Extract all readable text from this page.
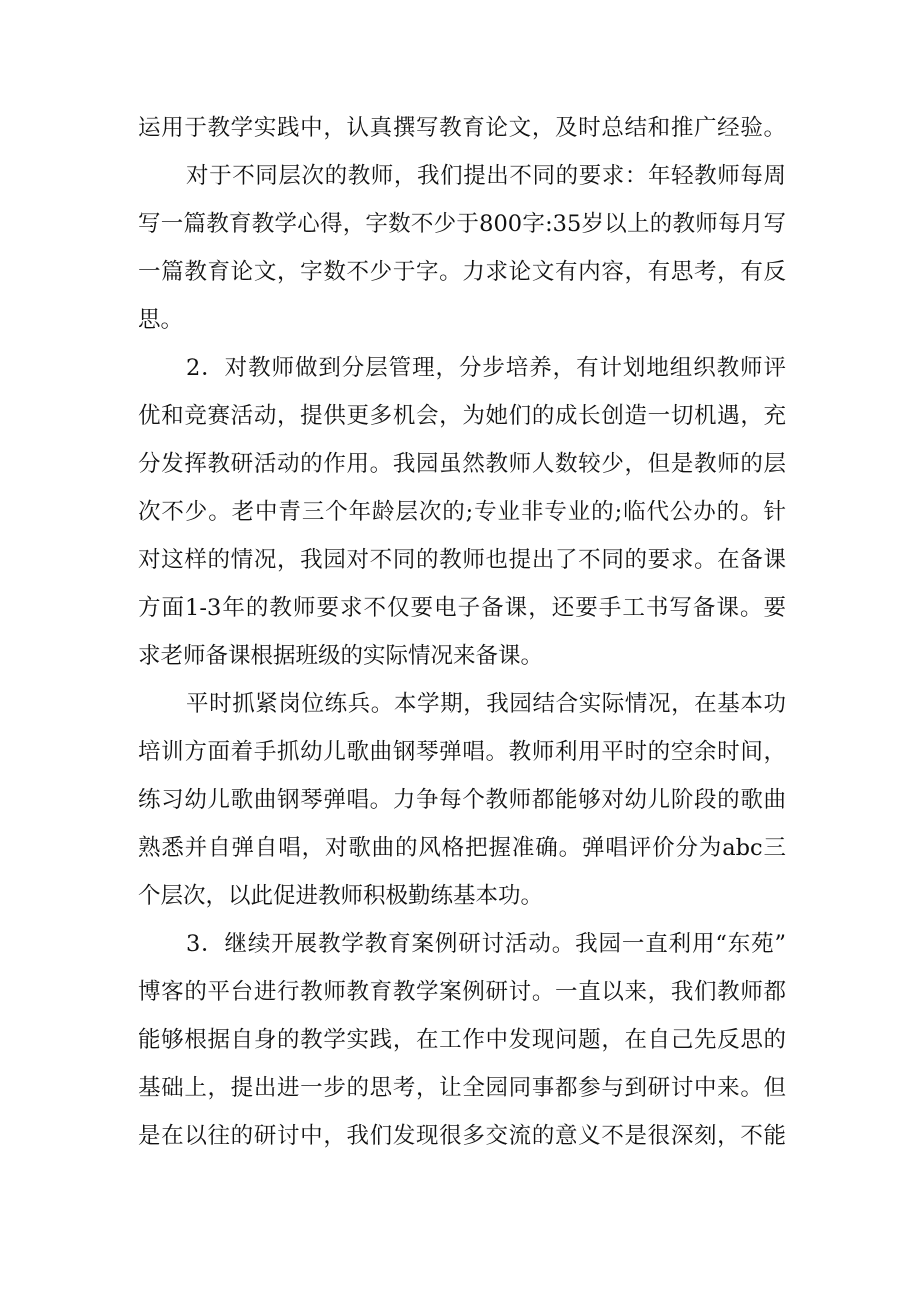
运用于教学实践中，认真撰写教育论文，及时总结和推广经验。
对于不同层次的教师，我们提出不同的要求：年轻教师每周
写一篇教育教学心得，字数不少于800字:35岁以上的教师每月写
一篇教育论文，字数不少于字。力求论文有内容，有思考，有反
思。
2．对教师做到分层管理，分步培养，有计划地组织教师评
优和竞赛活动，提供更多机会，为她们的成长创造一切机遇，充
分发挥教研活动的作用。我园虽然教师人数较少，但是教师的层
次不少。老中青三个年龄层次的;专业非专业的;临代公办的。针
对这样的情况，我园对不同的教师也提出了不同的要求。在备课
方面1-3年的教师要求不仅要电子备课，还要手工书写备课。要
求老师备课根据班级的实际情况来备课。
平时抓紧岗位练兵。本学期，我园结合实际情况，在基本功
培训方面着手抓幼儿歌曲钢琴弹唱。教师利用平时的空余时间，
练习幼儿歌曲钢琴弹唱。力争每个教师都能够对幼儿阶段的歌曲
熟悉并自弹自唱，对歌曲的风格把握准确。弹唱评价分为abc三
个层次，以此促进教师积极勤练基本功。
3．继续开展教学教育案例研讨活动。我园一直利用“东苑”
博客的平台进行教师教育教学案例研讨。一直以来，我们教师都
能够根据自身的教学实践，在工作中发现问题，在自己先反思的
基础上，提出进一步的思考，让全园同事都参与到研讨中来。但
是在以往的研讨中，我们发现很多交流的意义不是很深刻，不能
